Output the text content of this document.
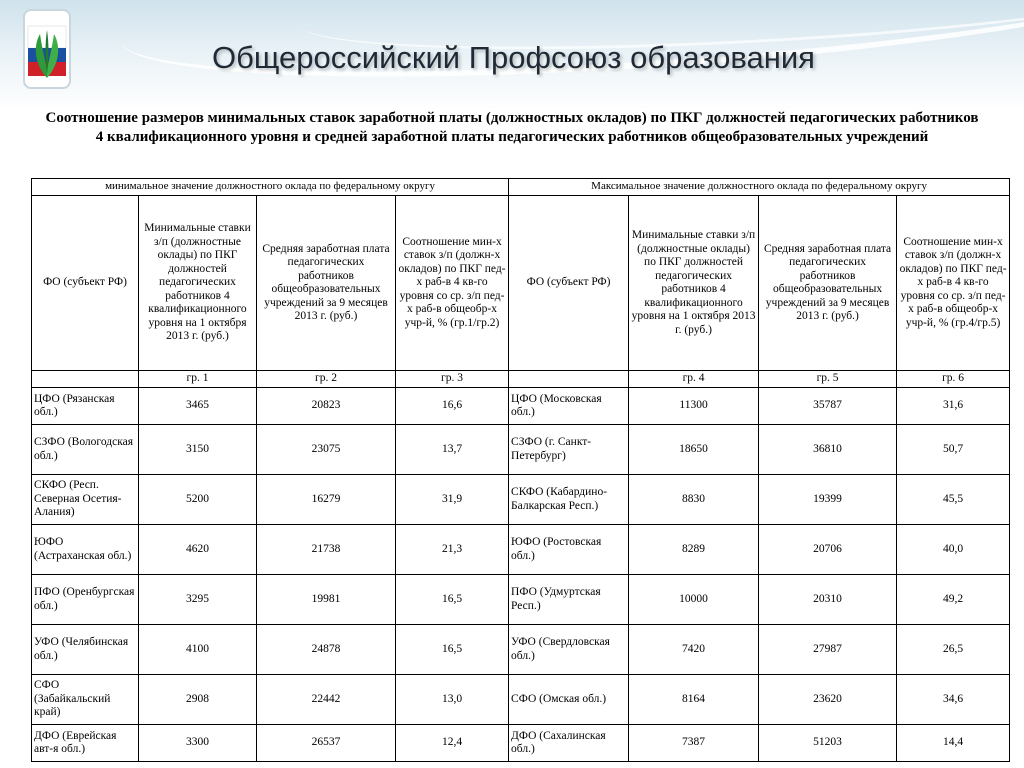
Общероссийский Профсоюз образования
Соотношение размеров минимальных ставок заработной платы (должностных окладов) по ПКГ должностей педагогических работников 4 квалификационного уровня и средней заработной платы педагогических работников общеобразовательных учреждений
минимальное значение должностного оклада по федеральному округу				Максимальное значение должностного оклада по федеральному округу			
ФО (субъект РФ)	Минимальные ставки з/п (должностные оклады) по ПКГ должностей педагогических работников 4 квалификационного уровня на 1 октября 2013 г. (руб.)	Средняя заработная плата педагогических работников общеобразовательных учреждений за 9 месяцев 2013 г. (руб.)	Соотношение мин-х ставок з/п (должн-х окладов) по ПКГ пед-х раб-в 4 кв-го уровня со ср. з/п пед-х раб-в общеобр-х учр-й, % (гр.1/гр.2)	ФО (субъект РФ)	Минимальные ставки з/п (должностные оклады) по ПКГ должностей педагогических работников 4 квалификационного уровня на 1 октября 2013 г. (руб.)	Средняя заработная плата педагогических работников общеобразовательных учреждений за 9 месяцев 2013 г. (руб.)	Соотношение мин-х ставок з/п (должн-х окладов) по ПКГ пед-х раб-в 4 кв-го уровня со ср. з/п пед-х раб-в общеобр-х учр-й, % (гр.4/гр.5)
	гр. 1	гр. 2	гр. 3		гр. 4	гр. 5	гр. 6
ЦФО (Рязанская обл.)	3465	20823	16,6	ЦФО (Московская обл.)	11300	35787	31,6
СЗФО (Вологодская обл.)	3150	23075	13,7	СЗФО (г. Санкт-Петербург)	18650	36810	50,7
СКФО (Респ. Северная Осетия-Алания)	5200	16279	31,9	СКФО (Кабардино-Балкарская Респ.)	8830	19399	45,5
ЮФО (Астраханская обл.)	4620	21738	21,3	ЮФО (Ростовская обл.)	8289	20706	40,0
ПФО (Оренбургская обл.)	3295	19981	16,5	ПФО (Удмуртская Респ.)	10000	20310	49,2
УФО (Челябинская обл.)	4100	24878	16,5	УФО (Свердловская обл.)	7420	27987	26,5
СФО (Забайкальский край)	2908	22442	13,0	СФО (Омская обл.)	8164	23620	34,6
ДФО (Еврейская авт-я обл.)	3300	26537	12,4	ДФО (Сахалинская обл.)	7387	51203	14,4
